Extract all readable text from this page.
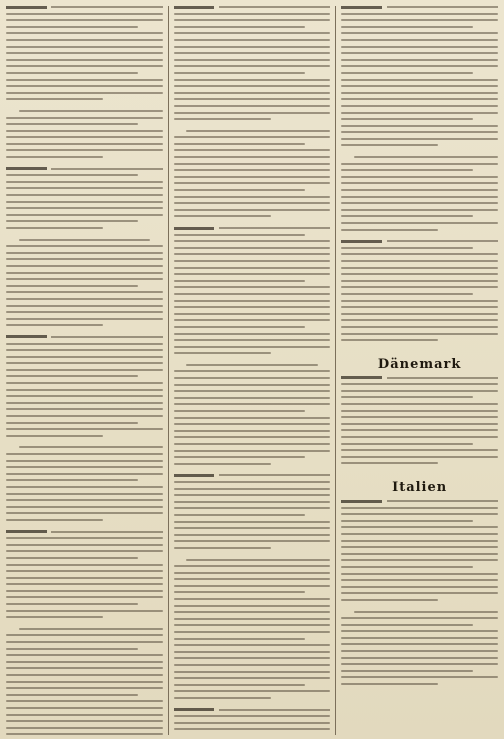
Dänemark
Italien
